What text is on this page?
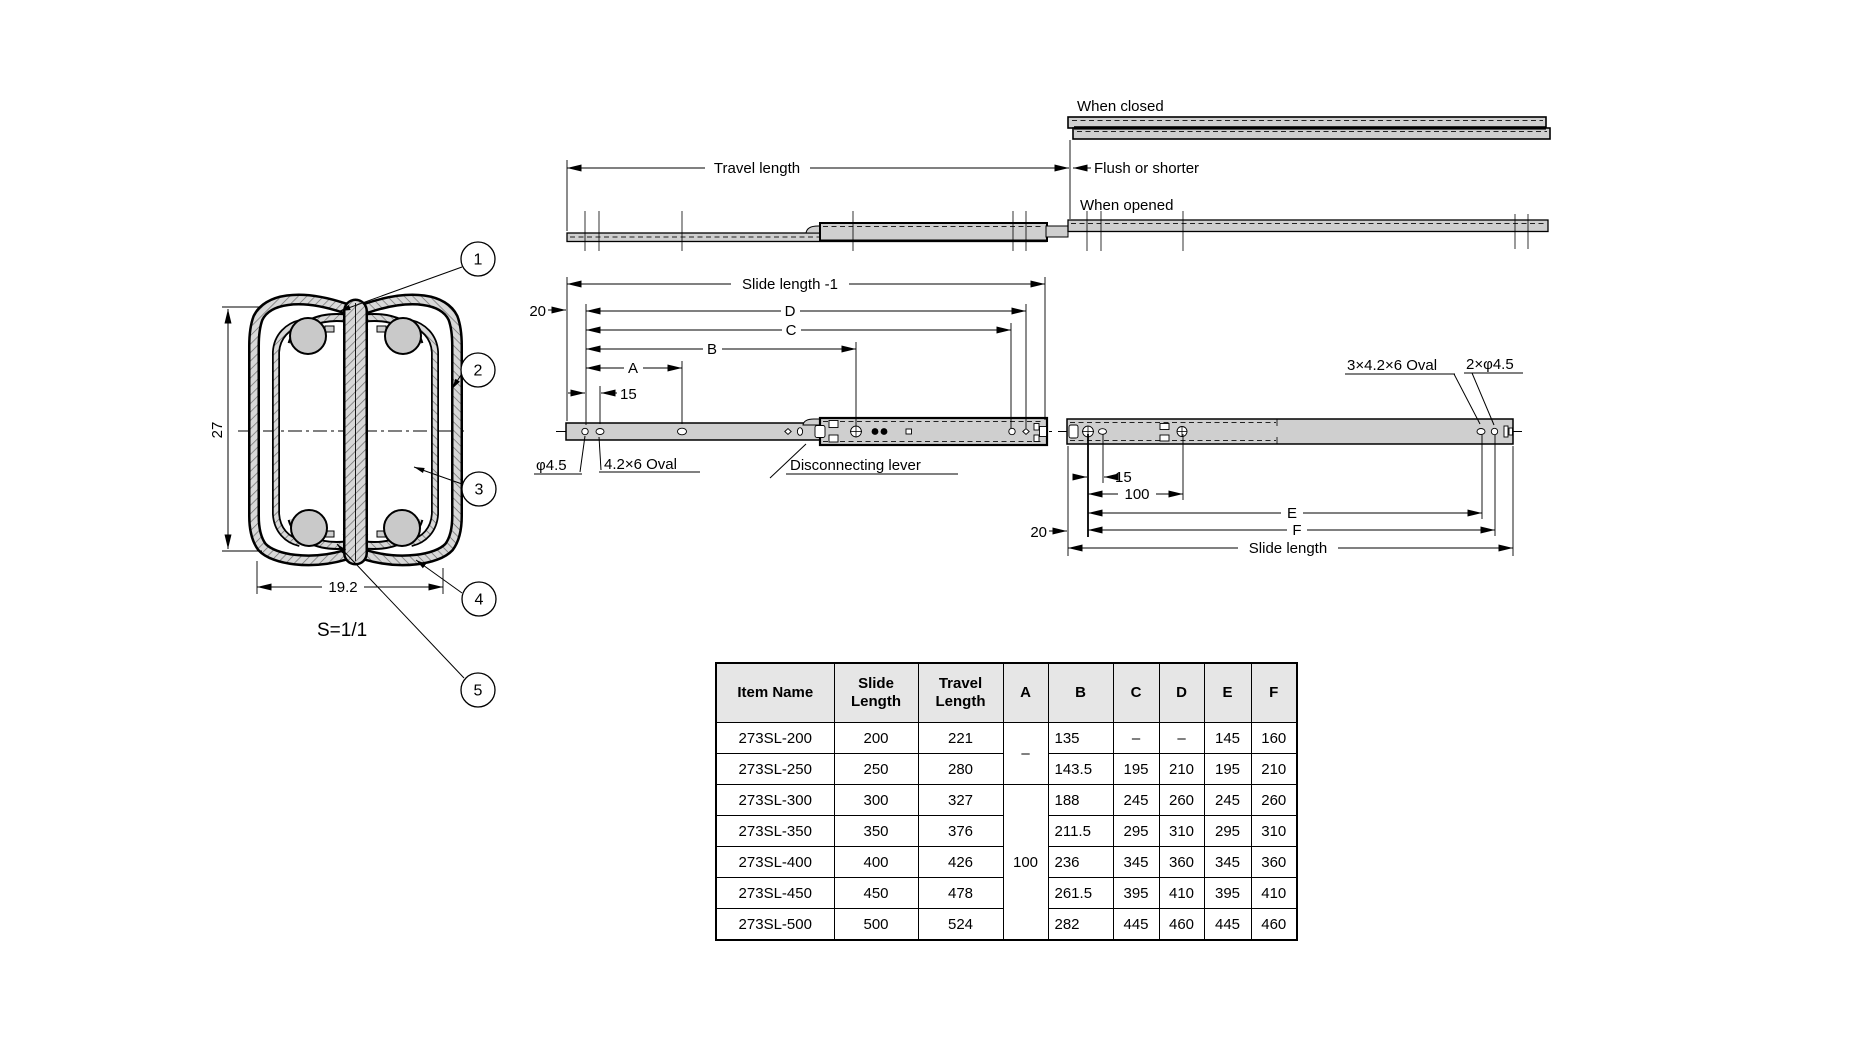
When closed
When opened
Travel length	Flush or shorter
Slide length -1
20	D
C
B
A
15
φ4.5 4.2×6 Oval	Disconnecting lever
3×4.2×6 Oval 2×φ4.5
15
100
E
F
20
Slide length
27
19.2
S=1/1
1
2
3
4
5	Item Name	Slide Length	Travel Length	A	B	C	D	E	F
273SL-200	200	221	–	135	–	–	145	160
273SL-250	250	280		143.5	195	210	195	210
273SL-300	300	327	100	188	245	260	245	260
273SL-350	350	376		211.5	295	310	295	310
273SL-400	400	426		236	345	360	345	360
273SL-450	450	478		261.5	395	410	395	410
273SL-500	500	524		282	445	460	445	460
